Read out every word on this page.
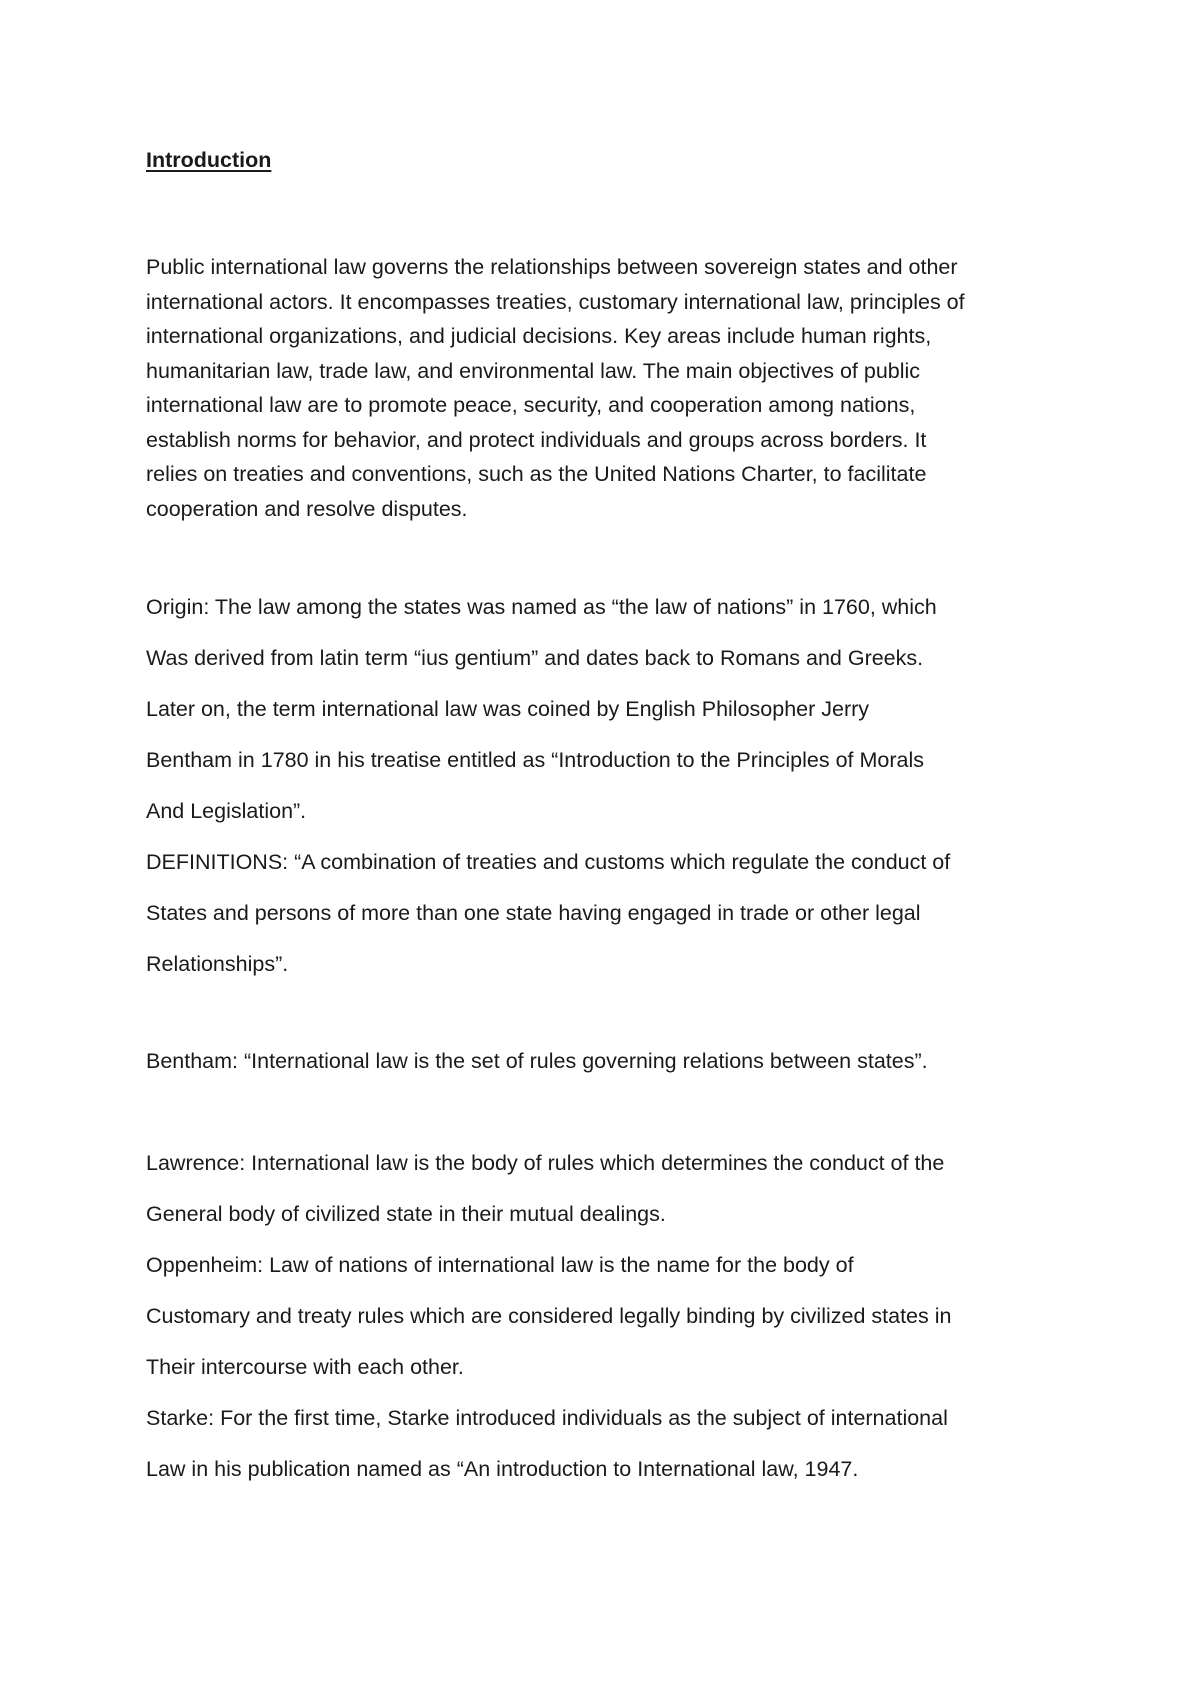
Introduction
Public international law governs the relationships between sovereign states and other
international actors. It encompasses treaties, customary international law, principles of
international organizations, and judicial decisions. Key areas include human rights,
humanitarian law, trade law, and environmental law. The main objectives of public
international law are to promote peace, security, and cooperation among nations,
establish norms for behavior, and protect individuals and groups across borders. It
relies on treaties and conventions, such as the United Nations Charter, to facilitate
cooperation and resolve disputes.
Origin: The law among the states was named as “the law of nations” in 1760, which
Was derived from latin term “ius gentium” and dates back to Romans and Greeks.
Later on, the term international law was coined by English Philosopher Jerry
Bentham in 1780 in his treatise entitled as “Introduction to the Principles of Morals
And Legislation”.
DEFINITIONS: “A combination of treaties and customs which regulate the conduct of
States and persons of more than one state having engaged in trade or other legal
Relationships”.
Bentham: “International law is the set of rules governing relations between states”.
Lawrence: International law is the body of rules which determines the conduct of the
General body of civilized state in their mutual dealings.
Oppenheim: Law of nations of international law is the name for the body of
Customary and treaty rules which are considered legally binding by civilized states in
Their intercourse with each other.
Starke: For the first time, Starke introduced individuals as the subject of international
Law in his publication named as “An introduction to International law, 1947.
